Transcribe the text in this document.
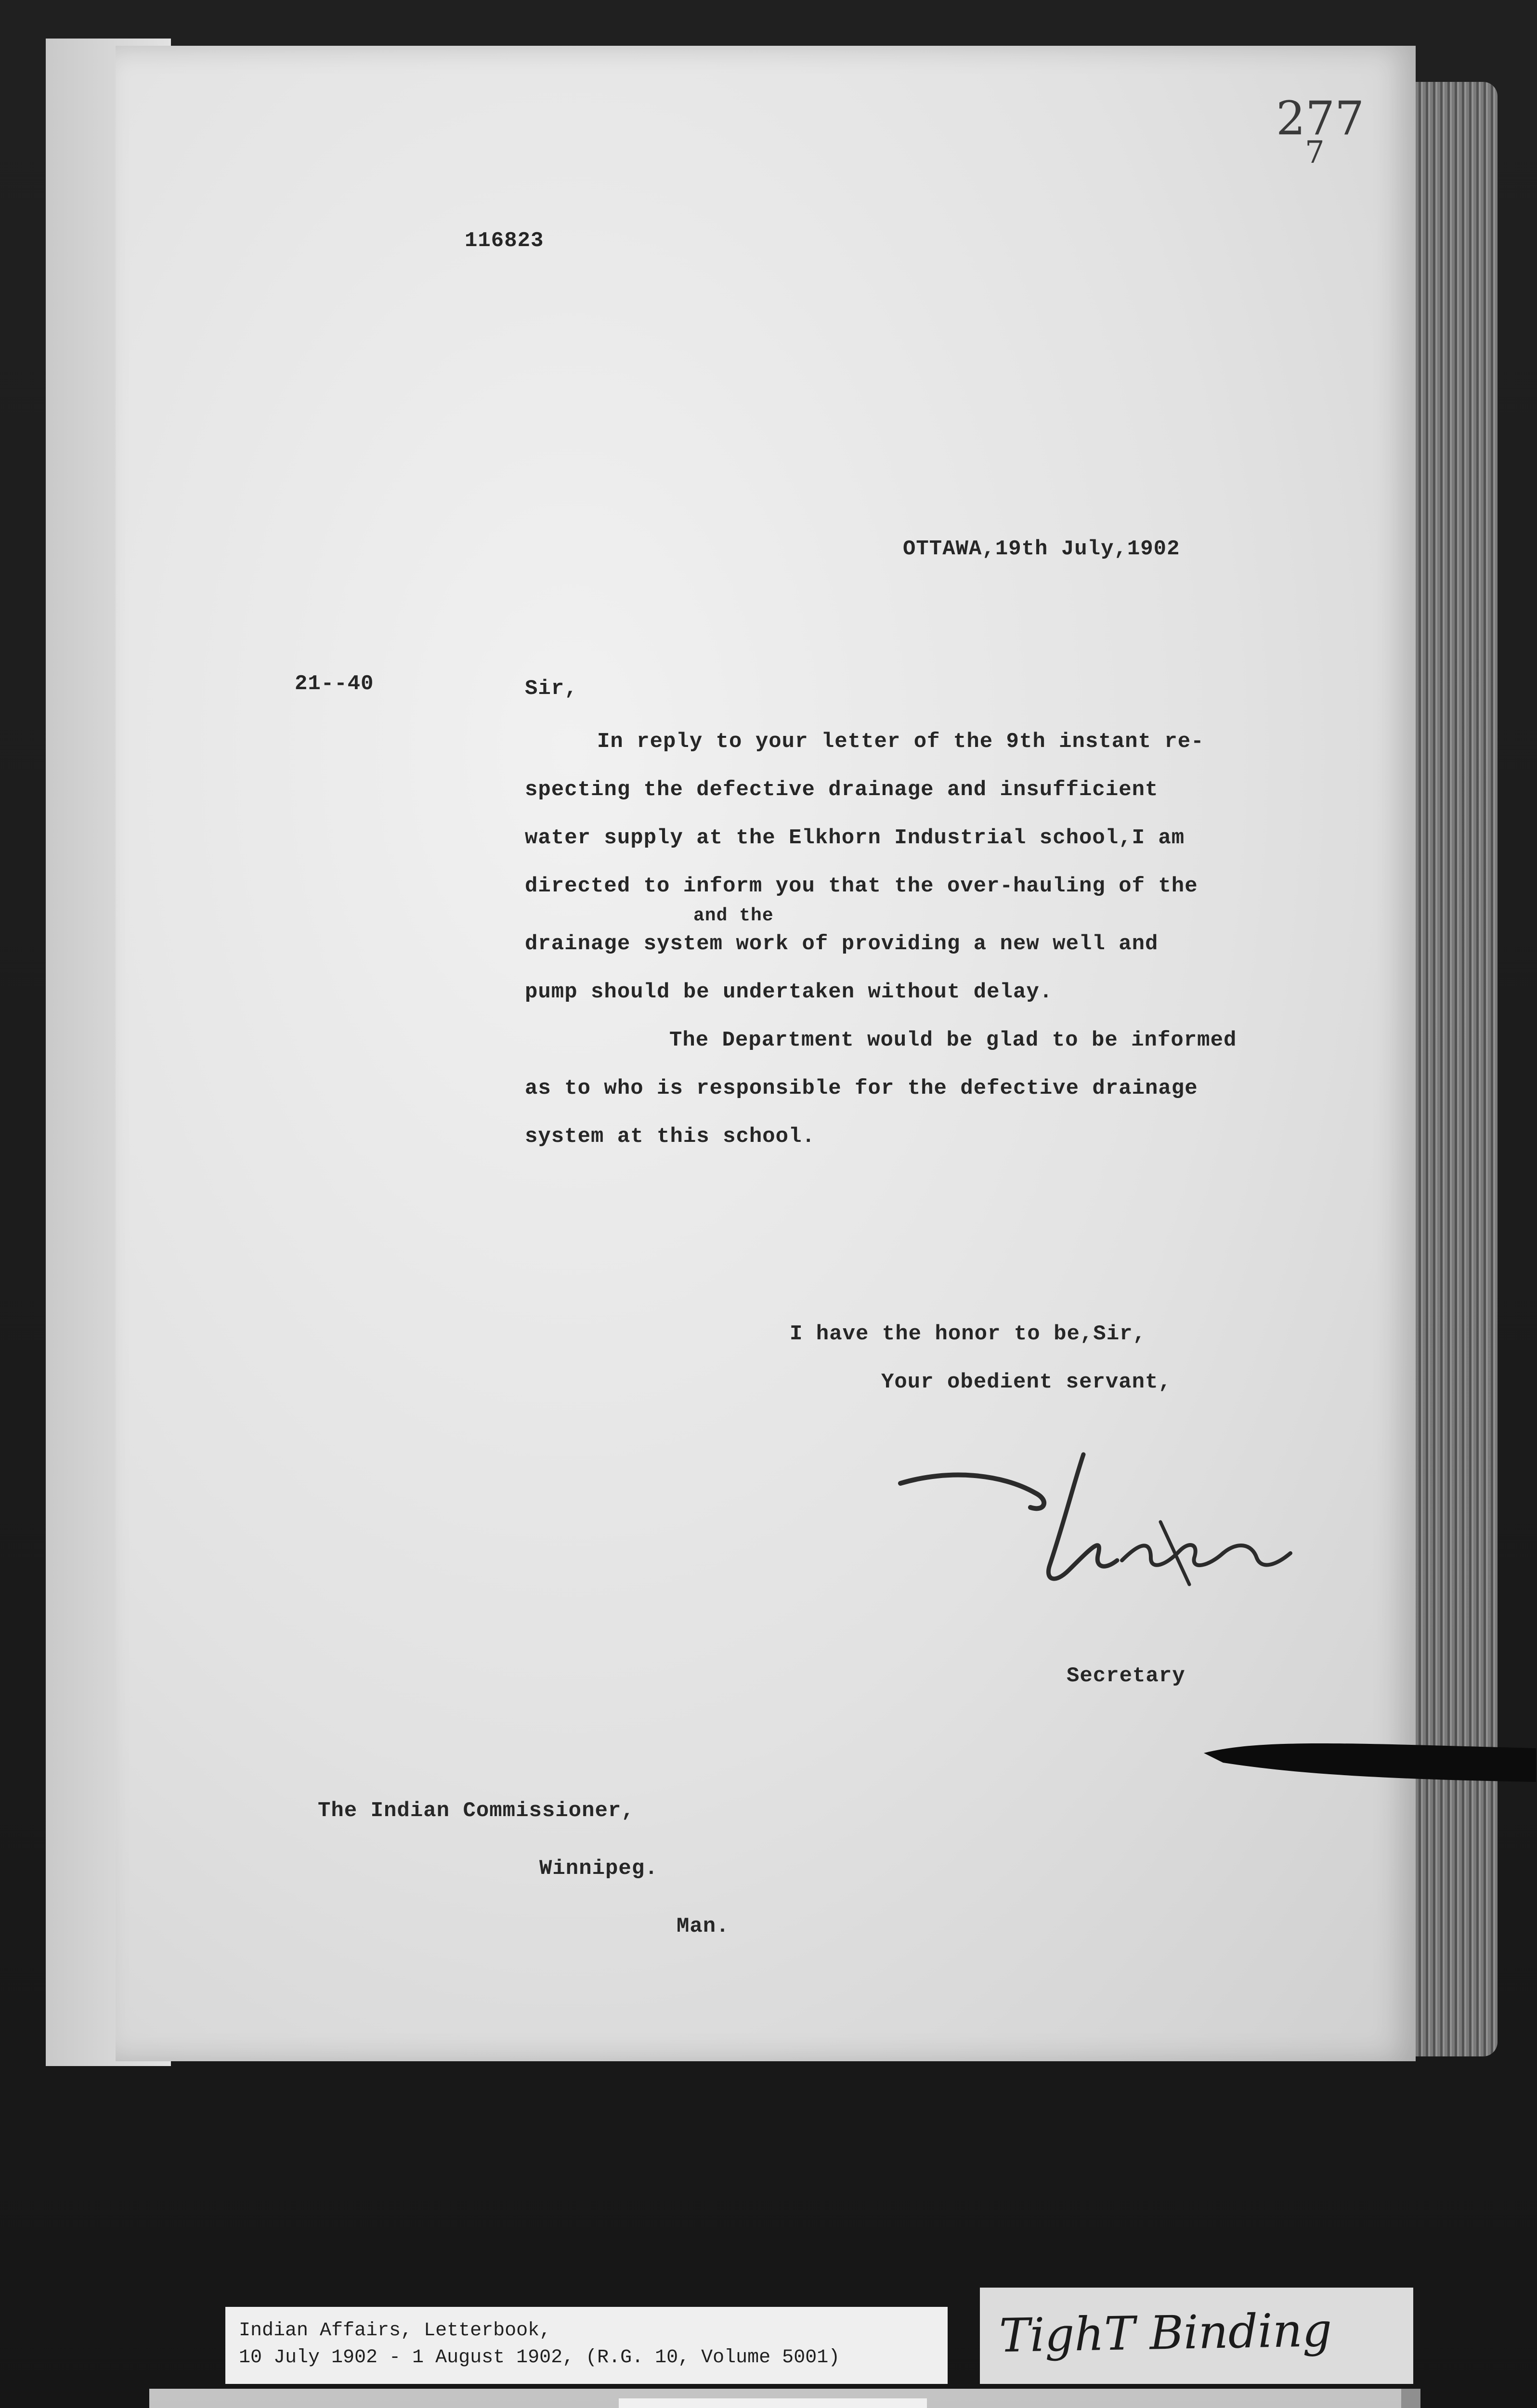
277
7
116823
OTTAWA,19th July,1902
21--40	Sir,
In reply to your letter of the 9th instant re-
specting the defective drainage and insufficient
water supply at the Elkhorn Industrial school,I am
directed to inform you that the over-hauling of the
and the
drainage system work of providing a new well and
pump should be undertaken without delay.
The Department would be glad to be informed
as to who is responsible for the defective drainage
system at this school.
I have the honor to be,Sir,
Your obedient servant,
Secretary
The Indian Commissioner,
Winnipeg.
Man.
Indian Affairs, Letterbook,
10 July 1902 - 1 August 1902, (R.G. 10, Volume 5001)	TighT Binding
